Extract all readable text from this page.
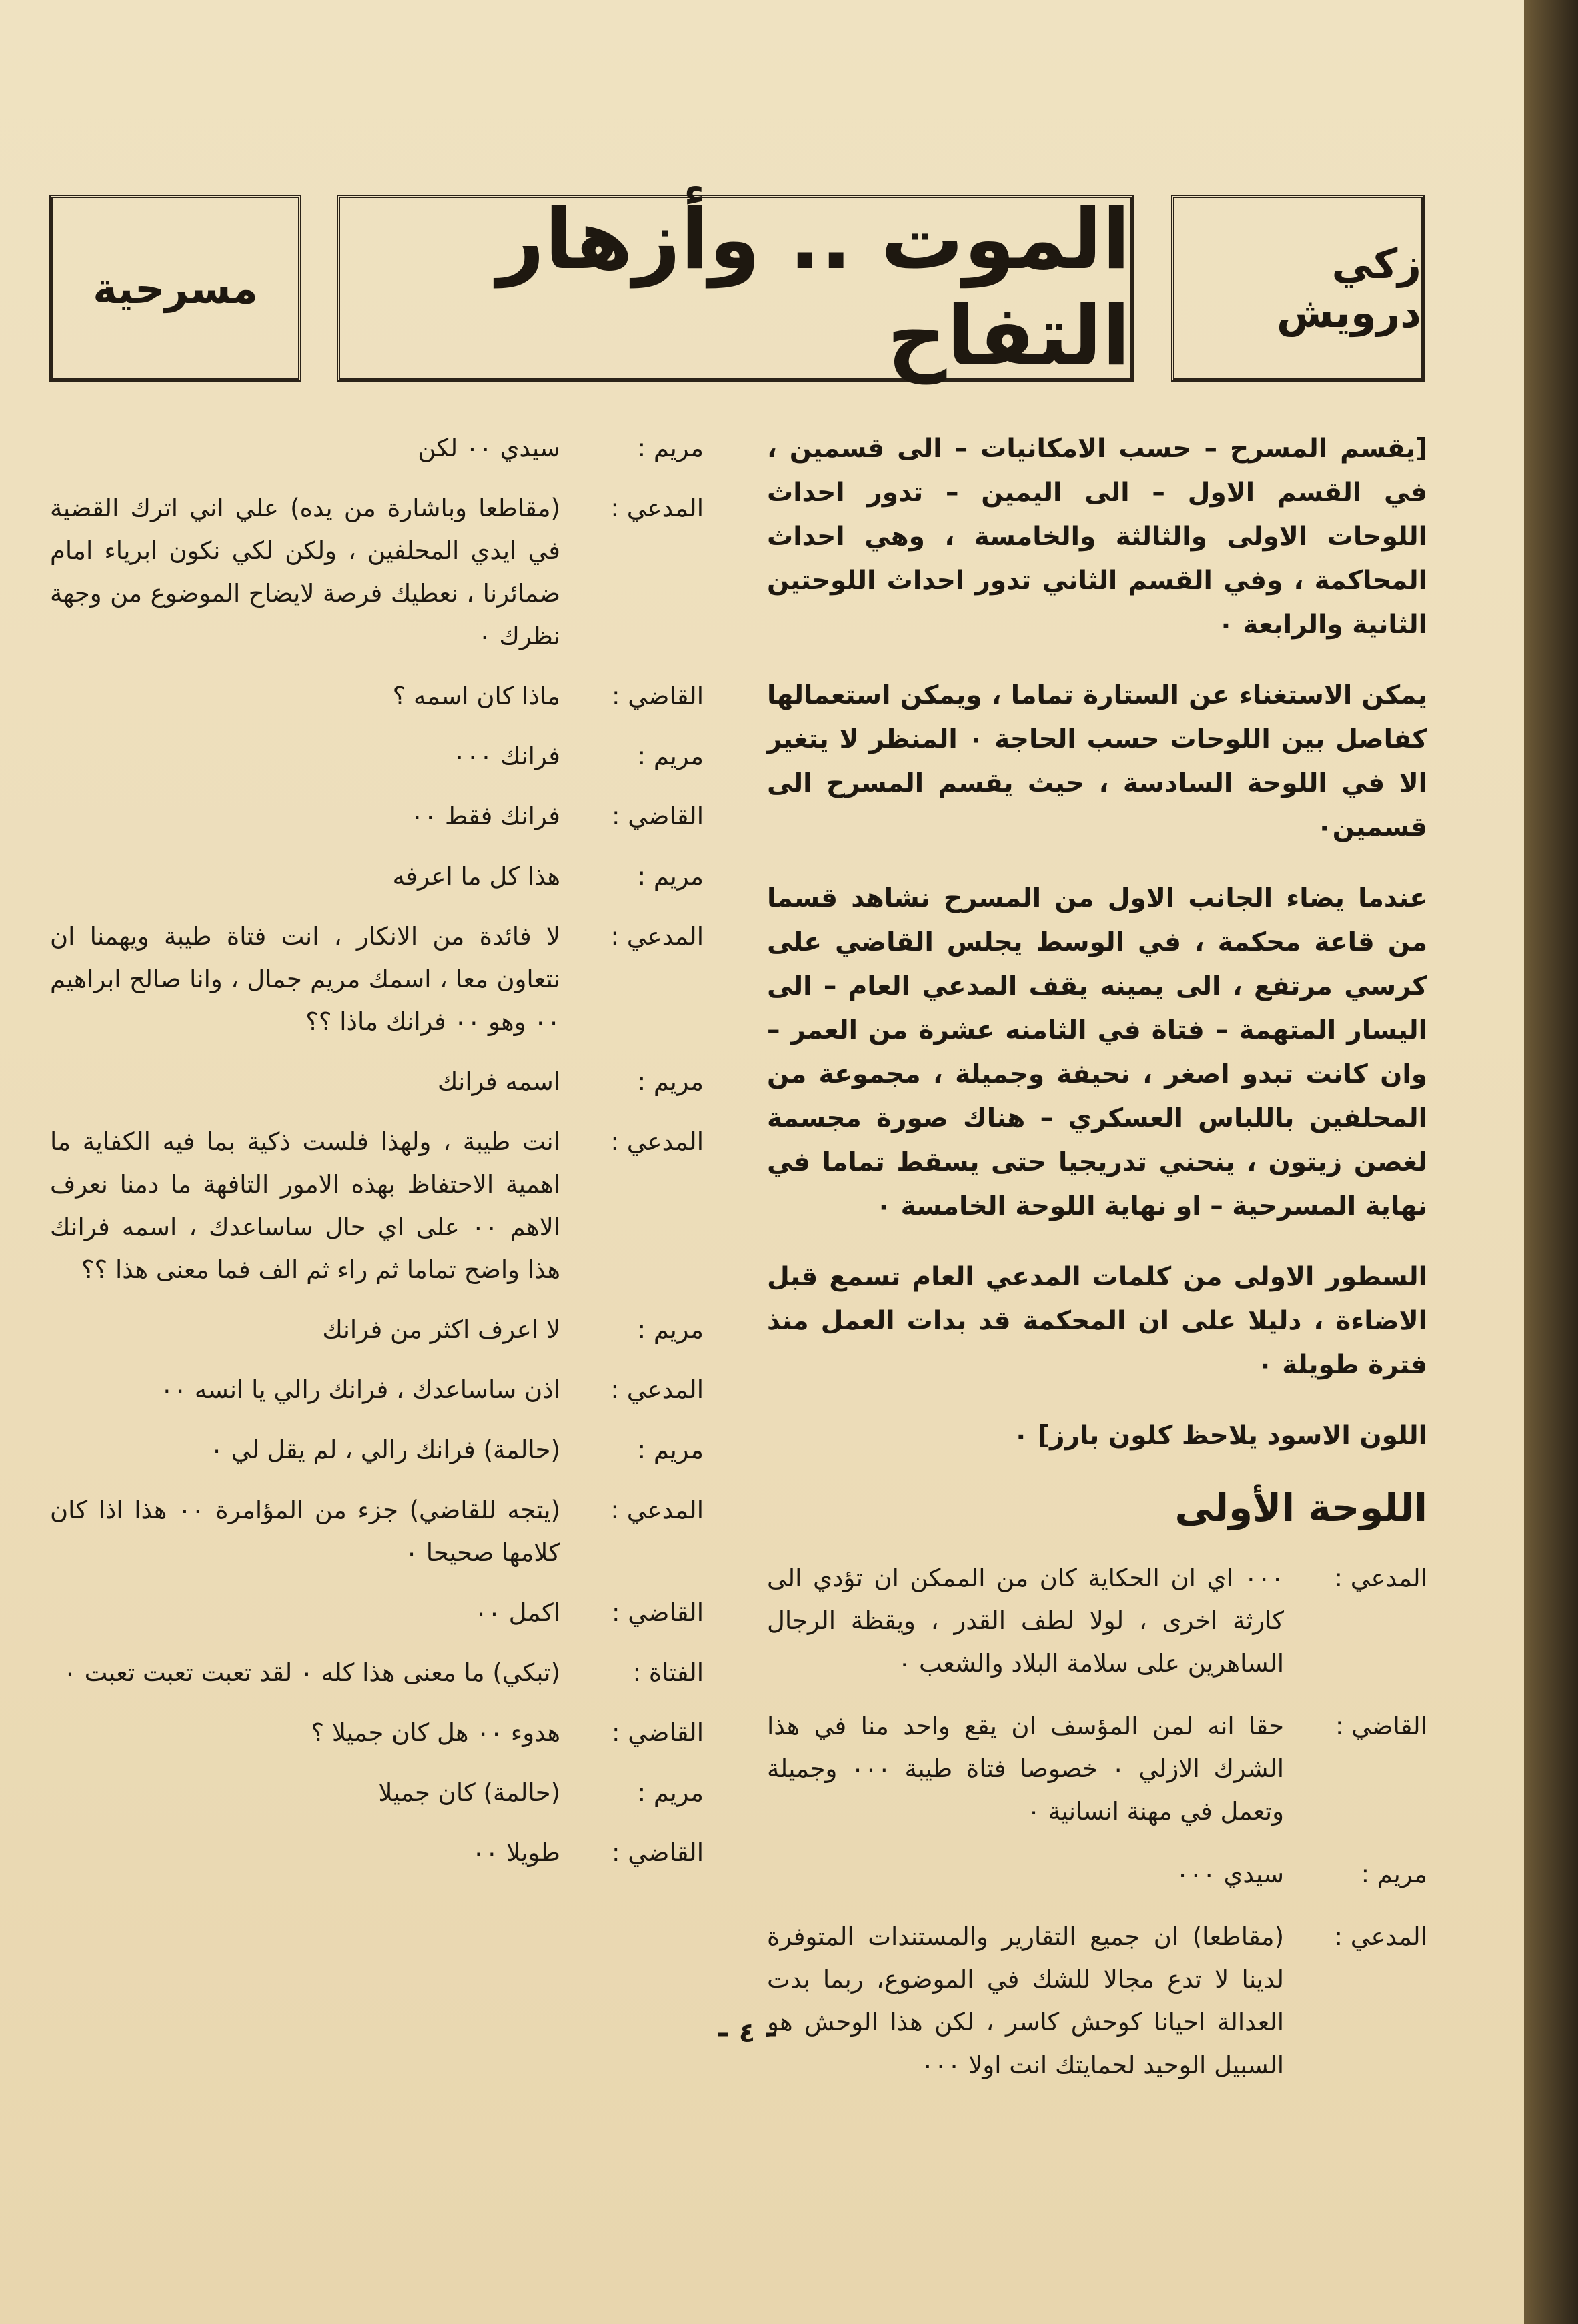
زكي درويش
الموت .. وأزهار التفاح
مسرحية

[يقسم المسرح – حسب الامكانيات – الى قسمين ، في القسم الاول – الى اليمين – تدور احداث اللوحات الاولى والثالثة والخامسة ، وهي احداث المحاكمة ، وفي القسم الثاني تدور احداث اللوحتين الثانية والرابعة ٠

يمكن الاستغناء عن الستارة تماما ، ويمكن استعمالها كفاصل بين اللوحات حسب الحاجة ٠ المنظر لا يتغير الا في اللوحة السادسة ، حيث يقسم المسرح الى قسمين٠

عندما يضاء الجانب الاول من المسرح نشاهد قسما من قاعة محكمة ، في الوسط يجلس القاضي على كرسي مرتفع ، الى يمينه يقف المدعي العام – الى اليسار المتهمة – فتاة في الثامنه عشرة من العمر – وان كانت تبدو اصغر ، نحيفة وجميلة ، مجموعة من المحلفين باللباس العسكري – هناك صورة مجسمة لغصن زيتون ، ينحني تدريجيا حتى يسقط تماما في نهاية المسرحية – او نهاية اللوحة الخامسة ٠

السطور الاولى من كلمات المدعي العام تسمع قبل الاضاءة ، دليلا على ان المحكمة قد بدات العمل منذ فترة طويلة ٠

اللون الاسود يلاحظ كلون بارز] ٠

اللوحة الأولى
المدعي :
٠٠٠ اي ان الحكاية كان من الممكن ان تؤدي الى كارثة اخرى ، لولا لطف القدر ، ويقظة الرجال الساهرين على سلامة البلاد والشعب ٠
القاضي :
حقا انه لمن المؤسف ان يقع واحد منا في هذا الشرك الازلي ٠ خصوصا فتاة طيبة ٠٠٠ وجميلة وتعمل في مهنة انسانية ٠
مريم :
سيدي ٠٠٠
المدعي :
(مقاطعا) ان جميع التقارير والمستندات المتوفرة لدينا لا تدع مجالا للشك في الموضوع، ربما بدت العدالة احيانا كوحش كاسر ، لكن هذا الوحش هو السبيل الوحيد لحمايتك انت اولا ٠٠٠
مريم :
سيدي ٠٠ لكن
المدعي :
(مقاطعا وباشارة من يده) علي اني اترك القضية في ايدي المحلفين ، ولكن لكي نكون ابرياء امام ضمائرنا ، نعطيك فرصة لايضاح الموضوع من وجهة نظرك ٠
القاضي :
ماذا كان اسمه ؟
مريم :
فرانك ٠٠٠
القاضي :
فرانك فقط ٠٠
مريم :
هذا كل ما اعرفه
المدعي :
لا فائدة من الانكار ، انت فتاة طيبة ويهمنا ان نتعاون معا ، اسمك مريم جمال ، وانا صالح ابراهيم ٠٠ وهو ٠٠ فرانك ماذا ؟؟
مريم :
اسمه فرانك
المدعي :
انت طيبة ، ولهذا فلست ذكية بما فيه الكفاية ما اهمية الاحتفاظ بهذه الامور التافهة ما دمنا نعرف الاهم ٠٠ على اي حال ساساعدك ، اسمه فرانك هذا واضح تماما ثم راء ثم الف فما معنى هذا ؟؟
مريم :
لا اعرف اكثر من فرانك
المدعي :
اذن ساساعدك ، فرانك رالي يا انسه ٠٠
مريم :
(حالمة) فرانك رالي ، لم يقل لي ٠
المدعي :
(يتجه للقاضي) جزء من المؤامرة ٠٠ هذا اذا كان كلامها صحيحا ٠
القاضي :
اكمل ٠٠
الفتاة :
(تبكي) ما معنى هذا كله ٠ لقد تعبت تعبت تعبت ٠
القاضي :
هدوء ٠٠ هل كان جميلا ؟
مريم :
(حالمة) كان جميلا
القاضي :
طويلا ٠٠
– ٤ –
